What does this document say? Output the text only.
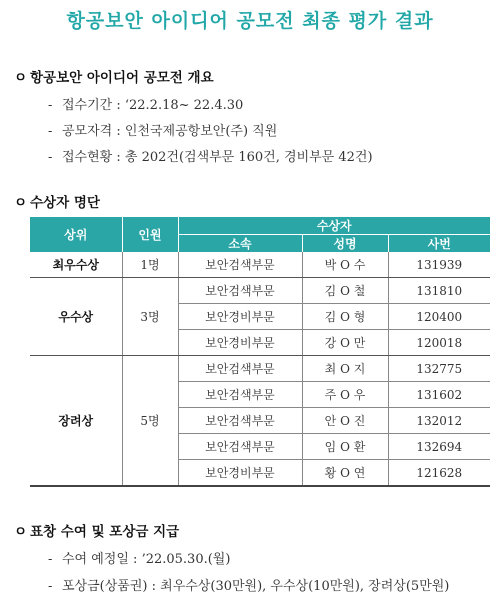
항공보안 아이디어 공모전 최종 평가 결과
ㅇ 항공보안 아이디어 공모전 개요
- 접수기간 : ‘22.2.18~ 22.4.30
- 공모자격 : 인천국제공항보안(주) 직원
- 접수현황 : 총 202건(검색부문 160건, 경비부문 42건)
ㅇ 수상자 명단
상위	인원	수상자		
		소속	성명	사번
최우수상	1명	보안검색부문	박 O 수	131939
우수상	3명	보안검색부문	김 O 철	131810
		보안경비부문	김 O 형	120400
		보안경비부문	강 O 만	120018
장려상	5명	보안검색부문	최 O 지	132775
		보안검색부문	주 O 우	131602
		보안검색부문	안 O 진	132012
		보안검색부문	임 O 환	132694
		보안경비부문	황 O 연	121628
ㅇ 표창 수여 및 포상금 지급
- 수여 예정일 : ’22.05.30.(월)
- 포상금(상품권) : 최우수상(30만원), 우수상(10만원), 장려상(5만원)
